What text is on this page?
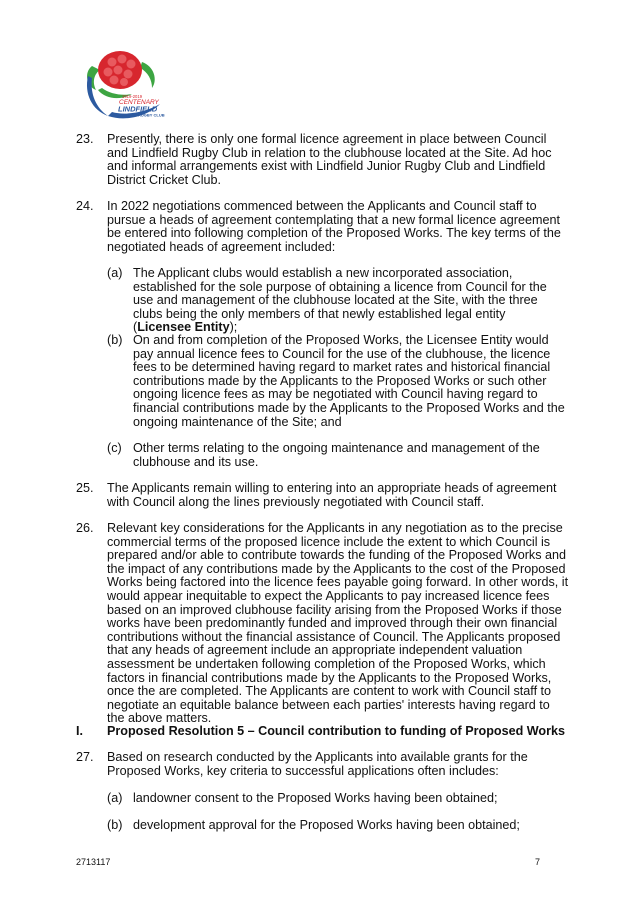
1919-2019
CENTENARY
LINDFIELD
RUGBY CLUB
23.	Presently, there is only one formal licence agreement in place between Council and Lindfield Rugby Club in relation to the clubhouse located at the Site. Ad hoc and informal arrangements exist with Lindfield Junior Rugby Club and Lindfield District Cricket Club.
24.	In 2022 negotiations commenced between the Applicants and Council staff to pursue a heads of agreement contemplating that a new formal licence agreement be entered into following completion of the Proposed Works. The key terms of the negotiated heads of agreement included:
(a) The Applicant clubs would establish a new incorporated association, established for the sole purpose of obtaining a licence from Council for the use and management of the clubhouse located at the Site, with the three clubs being the only members of that newly established legal entity (Licensee Entity);
(b) On and from completion of the Proposed Works, the Licensee Entity would pay annual licence fees to Council for the use of the clubhouse, the licence fees to be determined having regard to market rates and historical financial contributions made by the Applicants to the Proposed Works or such other ongoing licence fees as may be negotiated with Council having regard to financial contributions made by the Applicants to the Proposed Works and the ongoing maintenance of the Site; and
(c) Other terms relating to the ongoing maintenance and management of the clubhouse and its use.
25.	The Applicants remain willing to entering into an appropriate heads of agreement with Council along the lines previously negotiated with Council staff.
26.	Relevant key considerations for the Applicants in any negotiation as to the precise commercial terms of the proposed licence include the extent to which Council is prepared and/or able to contribute towards the funding of the Proposed Works and the impact of any contributions made by the Applicants to the cost of the Proposed Works being factored into the licence fees payable going forward. In other words, it would appear inequitable to expect the Applicants to pay increased licence fees based on an improved clubhouse facility arising from the Proposed Works if those works have been predominantly funded and improved through their own financial contributions without the financial assistance of Council. The Applicants proposed that any heads of agreement include an appropriate independent valuation assessment be undertaken following completion of the Proposed Works, which factors in financial contributions made by the Applicants to the Proposed Works, once the are completed. The Applicants are content to work with Council staff to negotiate an equitable balance between each parties' interests having regard to the above matters.
I.	Proposed Resolution 5 – Council contribution to funding of Proposed Works
27.	Based on research conducted by the Applicants into available grants for the Proposed Works, key criteria to successful applications often includes:
(a) landowner consent to the Proposed Works having been obtained;
(b) development approval for the Proposed Works having been obtained;
2713117	7
